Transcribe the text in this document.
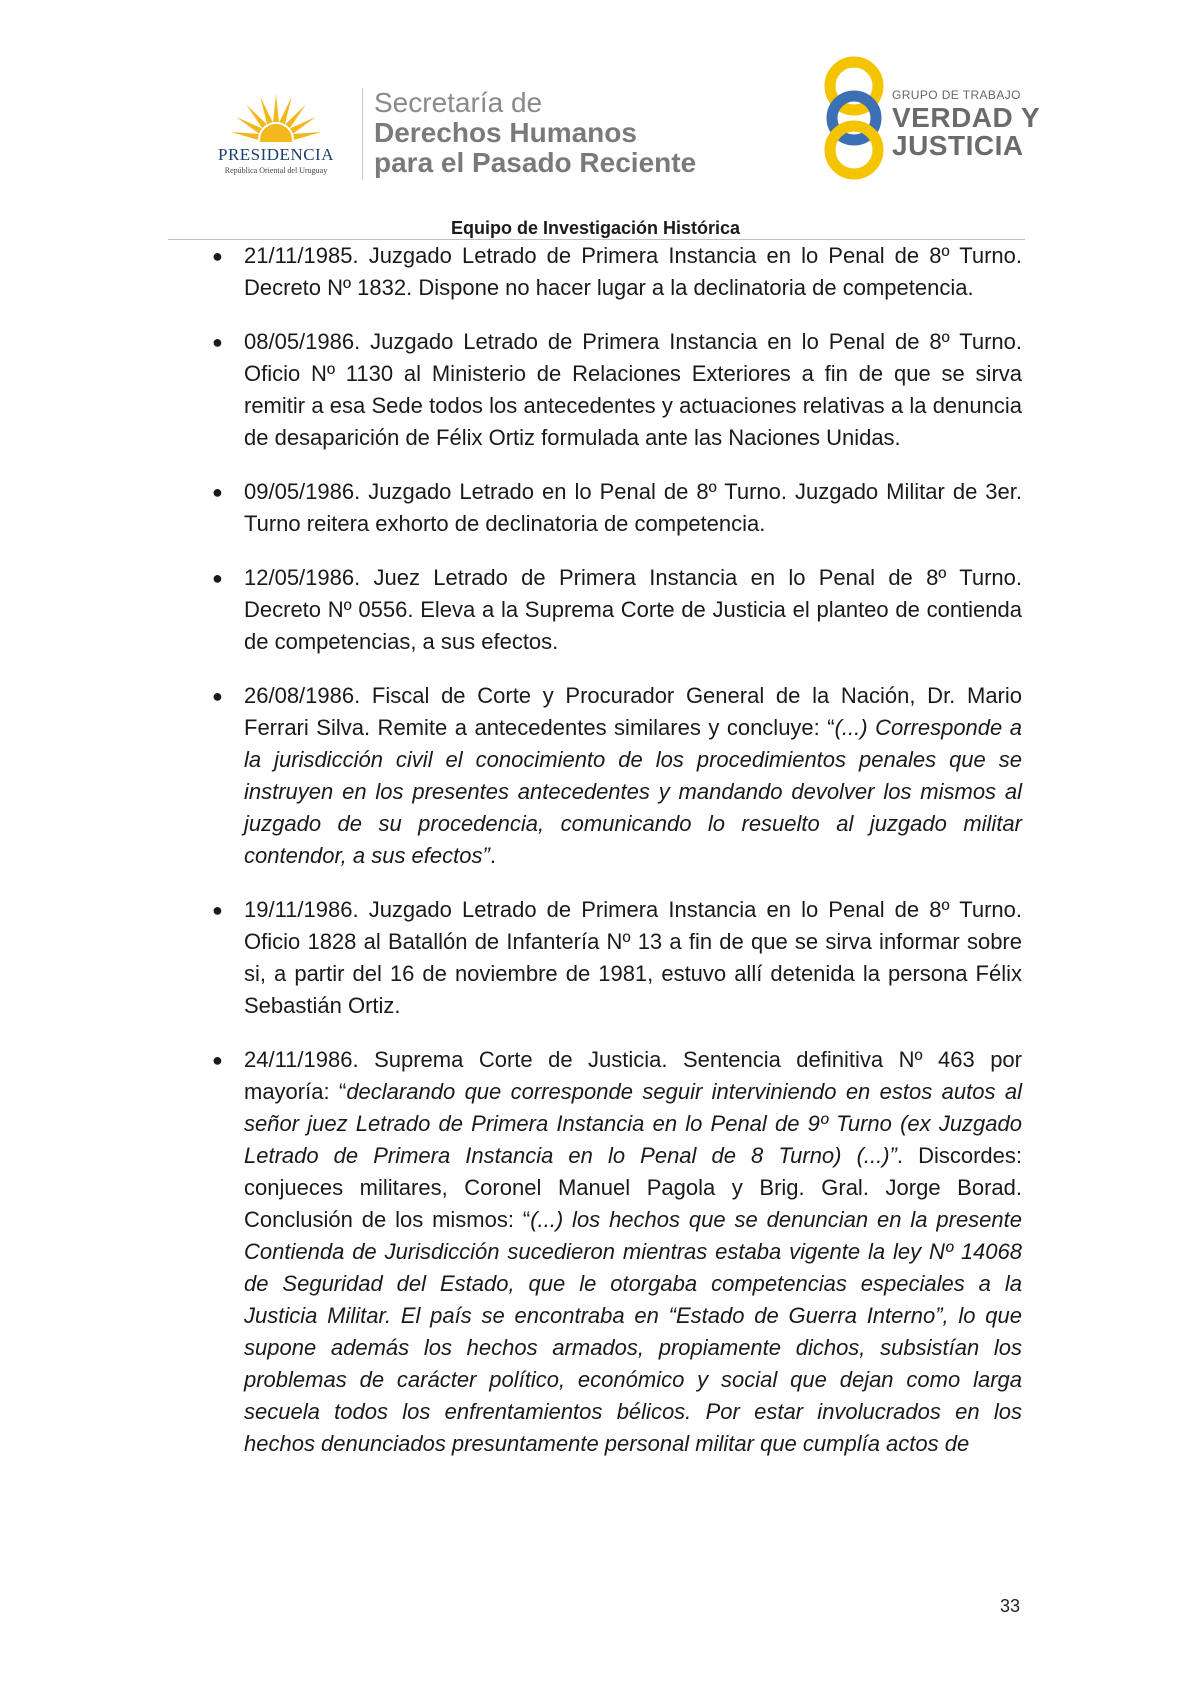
PRESIDENCIA
República Oriental del Uruguay
Secretaría de
Derechos Humanos
para el Pasado Reciente
GRUPO DE TRABAJO
VERDAD Y
JUSTICIA
Equipo de Investigación Histórica
● 21/11/1985. Juzgado Letrado de Primera Instancia en lo Penal de 8º Turno. Decreto Nº 1832. Dispone no hacer lugar a la declinatoria de competencia.
● 08/05/1986. Juzgado Letrado de Primera Instancia en lo Penal de 8º Turno. Oficio Nº 1130 al Ministerio de Relaciones Exteriores a fin de que se sirva remitir a esa Sede todos los antecedentes y actuaciones relativas a la denuncia de desaparición de Félix Ortiz formulada ante las Naciones Unidas.
● 09/05/1986. Juzgado Letrado en lo Penal de 8º Turno. Juzgado Militar de 3er. Turno reitera exhorto de declinatoria de competencia.
● 12/05/1986. Juez Letrado de Primera Instancia en lo Penal de 8º Turno. Decreto Nº 0556. Eleva a la Suprema Corte de Justicia el planteo de contienda de competencias, a sus efectos.
● 26/08/1986. Fiscal de Corte y Procurador General de la Nación, Dr. Mario Ferrari Silva. Remite a antecedentes similares y concluye: “(...) Corresponde a la jurisdicción civil el conocimiento de los procedimientos penales que se instruyen en los presentes antecedentes y mandando devolver los mismos al juzgado de su procedencia, comunicando lo resuelto al juzgado militar contendor, a sus efectos”.
● 19/11/1986. Juzgado Letrado de Primera Instancia en lo Penal de 8º Turno. Oficio 1828 al Batallón de Infantería Nº 13 a fin de que se sirva informar sobre si, a partir del 16 de noviembre de 1981, estuvo allí detenida la persona Félix Sebastián Ortiz.
● 24/11/1986. Suprema Corte de Justicia. Sentencia definitiva Nº 463 por mayoría: “declarando que corresponde seguir interviniendo en estos autos al señor juez Letrado de Primera Instancia en lo Penal de 9º Turno (ex Juzgado Letrado de Primera Instancia en lo Penal de 8 Turno) (...)”. Discordes: conjueces militares, Coronel Manuel Pagola y Brig. Gral. Jorge Borad. Conclusión de los mismos: “(...) los hechos que se denuncian en la presente Contienda de Jurisdicción sucedieron mientras estaba vigente la ley Nº 14068 de Seguridad del Estado, que le otorgaba competencias especiales a la Justicia Militar. El país se encontraba en “Estado de Guerra Interno”, lo que supone además los hechos armados, propiamente dichos, subsistían los problemas de carácter político, económico y social que dejan como larga secuela todos los enfrentamientos bélicos. Por estar involucrados en los hechos denunciados presuntamente personal militar que cumplía actos de
33
